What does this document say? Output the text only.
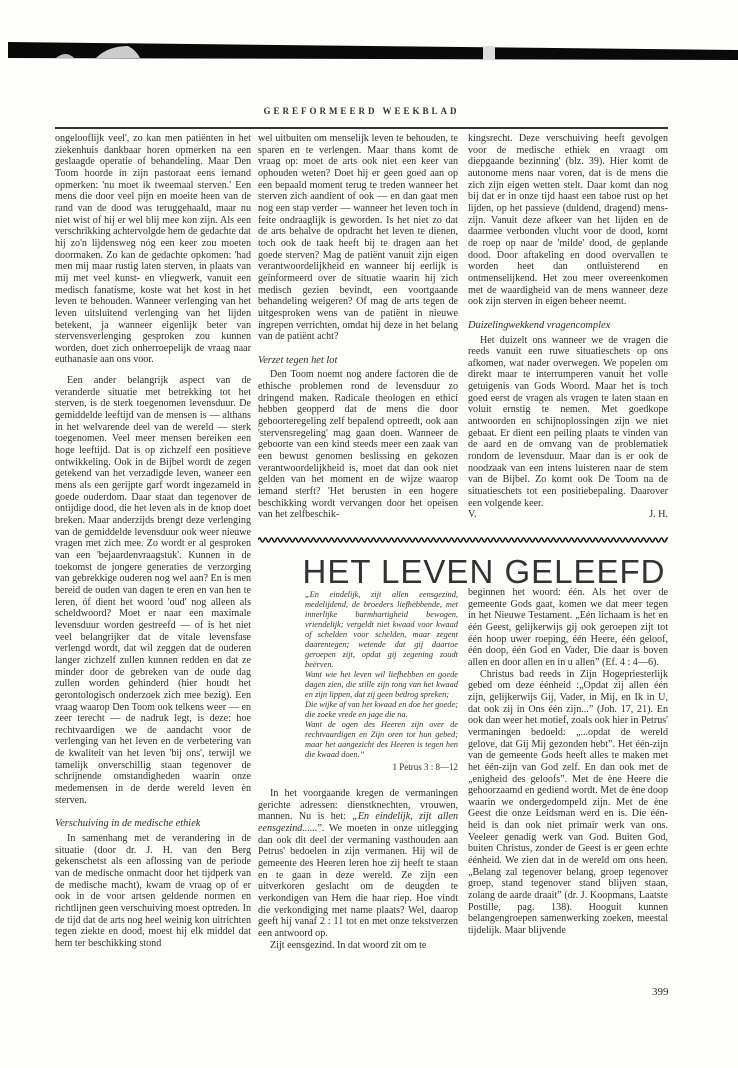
GEREFORMEERD WEEKBLAD

ongelooflijk veel', zo kan men patiënten in het ziekenhuis dankbaar horen opmerken na een geslaagde operatie of behandeling. Maar Den Toom hoorde in zijn pastoraat eens iemand opmerken: 'nu moet ik tweemaal sterven.' Een mens die door veel pijn en moeite heen van de rand van de dood was teruggehaald, maar nu niet wist of hij er wel blij mee kon zijn. Als een verschrikking achtervolgde hem de gedachte dat hij zo'n lijdensweg nóg een keer zou moeten doormaken. Zo kan de gedachte opkomen: 'had men mij maar rustig laten sterven, in plaats van mij met veel kunst- en vliegwerk, vanuit een medisch fanatisme, koste wat het kost in het leven te behouden. Wanneer verlenging van het leven uitsluitend verlenging van het lijden betekent, ja wanneer eigenlijk beter van stervensverlenging gesproken zou kunnen worden, doet zich onherroepelijk de vraag naar euthanasie aan ons voor.

Een ander belangrijk aspect van de veranderde situatie met betrekking tot het sterven, is de sterk toegenomen levensduur. De gemiddelde leeftijd van de mensen is — althans in het welvarende deel van de wereld — sterk toegenomen. Veel meer mensen bereiken een hoge leeftijd. Dat is op zichzelf een positieve ontwikkeling. Ook in de Bijbel wordt de zegen getekend van het verzadigde leven, waneer een mens als een gerijpte garf wordt ingezameld in goede ouderdom. Daar staat dan tegenover de ontijdige dood, die het leven als in de knop doet breken. Maar anderzijds brengt deze verlenging van de gemiddelde levensduur ook weer nieuwe vragen met zich mee. Zo wordt er al gesproken van een 'bejaardenvraagstuk'. Kunnen in de toekomst de jongere generaties de verzorging van gebrekkige ouderen nog wel aan? En is men bereid de ouden van dagen te eren en van hen te leren, óf dient het woord 'oud' nog alleen als scheldwoord? Moet er naar een maximale levensduur worden gestreefd — of is het niet veel belangrijker dat de vitale levensfase verlengd wordt, dat wil zeggen dat de ouderen langer zichzelf zullen kunnen redden en dat ze minder door de gebreken van de oude dag zullen worden gehinderd (hier houdt het gerontologisch onderzoek zich mee bezig). Een vraag waarop Den Toom ook telkens weer — en zeer terecht — de nadruk legt, is deze: hoe rechtvaardigen we de aandacht voor de verlenging van het leven en de verbetering van de kwaliteit van het leven 'bij ons', terwijl we tamelijk onverschillig staan tegenover de schrijnende omstandigheden waarin onze medemensen in de derde wereld leven èn sterven.

Verschuiving in de medische ethiek

In samenhang met de verandering in de situatie (door dr. J. H. van den Berg gekenschetst als een aflossing van de periode van de medische onmacht door het tijdperk van de medische macht), kwam de vraag op of er ook in de voor artsen geldende normen en richtlijnen geen verschuiving moest optreden. In de tijd dat de arts nog heel weinig kon uitrichten tegen ziekte en dood, moest hij elk middel dat hem ter beschikking stond

wel uitbuiten om menselijk leven te behouden, te sparen en te verlengen. Maar thans komt de vraag op: moet de arts ook niet een keer van ophouden weten? Doet hij er geen goed aan op een bepaald moment terug te treden wanneer het sterven zich aandient of ook — en dan gaat men nog een stap verder — wanneer het leven toch in feite ondraaglijk is geworden. Is het niet zo dat de arts behalve de opdracht het leven te dienen, toch ook de taak heeft bij te dragen aan het goede sterven? Mag de patiënt vanuit zijn eigen verantwoordelijkheid en wanneer hij eerlijk is geïnformeerd over de situatie waarin hij zich medisch gezien bevindt, een voortgaande behandeling weigeren? Of mag de arts tegen de uitgesproken wens van de patiënt in nieuwe ingrepen verrichten, omdat hij deze in het belang van de patiënt acht?

Verzet tegen het lot

Den Toom noemt nog andere factoren die de ethische problemen rond de levensduur zo dringend maken. Radicale theologen en ethici hebben geopperd dat de mens die door geboorteregeling zelf bepalend optreedt, ook aan 'stervensregeling' mag gaan doen. Wanneer de geboorte van een kind steeds meer een zaak van een bewust genomen beslissing en gekozen verantwoordelijkheid is, moet dat dan ook niet gelden van het moment en de wijze waarop iemand sterft? 'Het berusten in een hogere beschikking wordt vervangen door het opeisen van het zelfbeschik-

kingsrecht. Deze verschuiving heeft gevolgen voor de medische ethiek en vraagt om diepgaande bezinning' (blz. 39). Hier komt de autonome mens naar voren, dat is de mens die zich zijn eigen wetten stelt. Daar komt dan nog bij dat er in onze tijd haast een taboe rust op het lijden, op het passieve (duldend, dragend) mens-zijn. Vanuit deze afkeer van het lijden en de daarmee verbonden vlucht voor de dood, komt de roep op naar de 'milde' dood, de geplande dood. Door aftakeling en dood overvallen te worden heet dan ontluisterend en ontmenselijkend. Het zou meer overeenkomen met de waardigheid van de mens wanneer deze ook zijn sterven in eigen beheer neemt.

Duizelingwekkend vragencomplex

Het duizelt ons wanneer we de vragen die reeds vanuit een ruwe situatieschets op ons afkomen, wat nader overwegen. We popelen om direkt maar te interrumperen vanuit het volle getuigenis van Gods Woord. Maar het is toch goed eerst de vragen als vragen te laten staan en voluit ernstig te nemen. Met goedkope antwoorden en schijnoplossingen zijn we niet gebaat. Er dient een peiling plaats te vinden van de aard en de omvang van de problematiek rondom de levensduur. Maar dan is er ook de noodzaak van een intens luisteren naar de stem van de Bijbel. Zo komt ook De Toom na de situatieschets tot een positiebepaling. Daarover een volgende keer.

V.	J. H.
HET LEVEN GELEEFD

„En eindelijk, zijt allen eensgezind, medelijdend, de broeders liefhebbende, met innerlijke barmhartigheid bewogen, vriendelijk; vergeldt niet kwaad voor kwaad of schelden voor schelden, maar zegent daarentegen; wetende dat gij daartoe geroepen zijt, opdat gij zegening zoudt beërven.

Want wie het leven wil liefhebben en goede dagen zien, die stille zijn tong van het kwaad en zijn lippen, dat zij geen bedrog spreken;

Die wijke af van het kwaad en doe het goede; die zoeke vrede en jage die na.

Want de ogen des Heeren zijn over de rechtvaardigen en Zijn oren tot hun gebed; maar het aangezicht des Heeren is tegen hen die kwaad doen.”

1 Petrus 3 : 8—12

In het voorgaande kregen de vermaningen gerichte adressen: dienstknechten, vrouwen, mannen. Nu is het: „En eindelijk, zijt allen eensgezind......”. We moeten in onze uitlegging dan ook dit deel der vermaning vasthouden aan Petrus' bedoelen in zijn vermanen. Hij wil de gemeente des Heeren leren hoe zij heeft te staan en te gaan in deze wereld. Ze zijn een uitverkoren geslacht om de deugden te verkondigen van Hem die haar riep. Hoe vindt die verkondiging met name plaats? Wel, daarop geeft hij vanaf 2 : 11 tot en met onze tekstverzen een antwoord op.

Zijt eensgezind. In dat woord zit om te

beginnen het woord: één. Als het over de gemeente Gods gaat, komen we dat meer tegen in het Nieuwe Testament. „Eén lichaam is het en één Geest, gelijkerwijs gij ook geroepen zijt tot één hoop uwer roeping, één Heere, één geloof, één doop, één God en Vader, Die daar is boven allen en door allen en in u allen” (Ef. 4 : 4—6).

Christus bad reeds in Zijn Hogepriesterlijk gebed om deze éénheid :„Opdat zij allen één zijn, gelijkerwijs Gij, Vader, in Mij, en Ik in U, dat ook zij in Ons één zijn...” (Joh. 17, 21). En ook dan weer het motief, zoals ook hier in Petrus' vermaningen bedoeld: „...opdat de wereld gelove, dat Gij Mij gezonden hebt”. Het één-zijn van de gemeente Gods heeft alles te maken met het één-zijn van God zelf. En dan ook met de „enigheid des geloofs”. Met de ène Heere die gehoorzaamd en gediend wordt. Met de ène doop waarin we ondergedompeld zijn. Met de ène Geest die onze Leidsman werd en is. Die één-heid is dan ook niet primair werk van ons. Veeleer genadig werk van God. Buiten God, buiten Christus, zonder de Geest is er geen echte éénheid. We zien dat in de wereld om ons heen. „Belang zal tegenover belang, groep tegenover groep, stand tegenover stand blijven staan, zolang de aarde draait” (dr. J. Koopmans, Laatste Postille, pag. 138). Hooguit kunnen belangengroepen samenwerking zoeken, meestal tijdelijk. Maar blijvende

399
